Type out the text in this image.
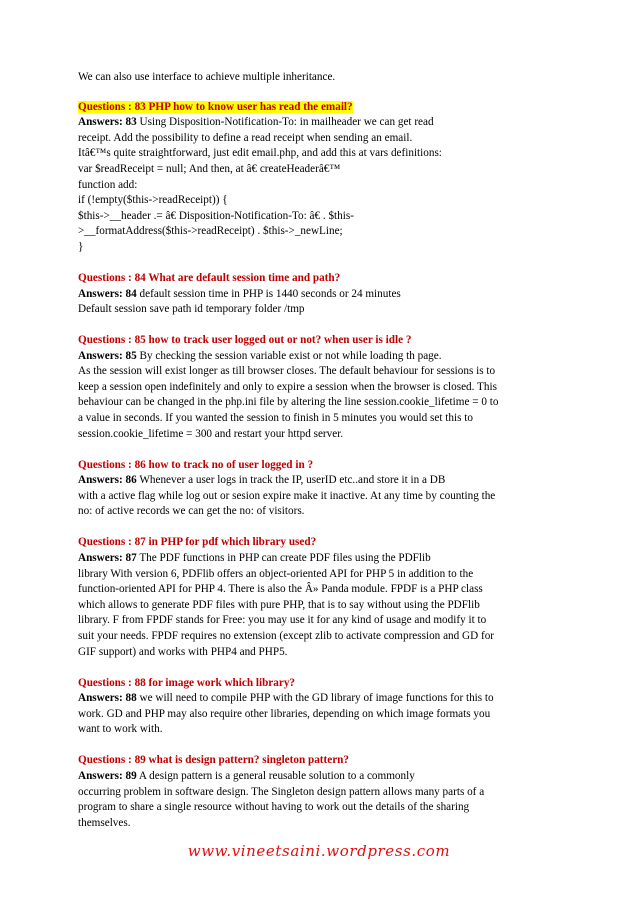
We can also use interface to achieve multiple inheritance.
Questions : 83 PHP how to know user has read the email?
Answers: 83 Using Disposition-Notification-To: in mailheader we can get read
receipt. Add the possibility to define a read receipt when sending an email.
Itâ€™s quite straightforward, just edit email.php, and add this at vars definitions:
var $readReceipt = null; And then, at â€ createHeaderâ€™
function add:
if (!empty($this->readReceipt)) {
$this->__header .= â€ Disposition-Notification-To: â€ . $this-
>__formatAddress($this->readReceipt) . $this->_newLine;
}
Questions : 84 What are default session time and path?
Answers: 84 default session time in PHP is 1440 seconds or 24 minutes
Default session save path id temporary folder /tmp
Questions : 85 how to track user logged out or not? when user is idle ?
Answers: 85 By checking the session variable exist or not while loading th page.
As the session will exist longer as till browser closes. The default behaviour for sessions is to
keep a session open indefinitely and only to expire a session when the browser is closed. This
behaviour can be changed in the php.ini file by altering the line session.cookie_lifetime = 0 to
a value in seconds. If you wanted the session to finish in 5 minutes you would set this to
session.cookie_lifetime = 300 and restart your httpd server.
Questions : 86 how to track no of user logged in ?
Answers: 86 Whenever a user logs in track the IP, userID etc..and store it in a DB
with a active flag while log out or sesion expire make it inactive. At any time by counting the
no: of active records we can get the no: of visitors.
Questions : 87 in PHP for pdf which library used?
Answers: 87 The PDF functions in PHP can create PDF files using the PDFlib
library With version 6, PDFlib offers an object-oriented API for PHP 5 in addition to the
function-oriented API for PHP 4. There is also the Â» Panda module. FPDF is a PHP class
which allows to generate PDF files with pure PHP, that is to say without using the PDFlib
library. F from FPDF stands for Free: you may use it for any kind of usage and modify it to
suit your needs. FPDF requires no extension (except zlib to activate compression and GD for
GIF support) and works with PHP4 and PHP5.
Questions : 88 for image work which library?
Answers: 88 we will need to compile PHP with the GD library of image functions for this to
work. GD and PHP may also require other libraries, depending on which image formats you
want to work with.
Questions : 89 what is design pattern? singleton pattern?
Answers: 89 A design pattern is a general reusable solution to a commonly
occurring problem in software design. The Singleton design pattern allows many parts of a
program to share a single resource without having to work out the details of the sharing
themselves.
www.vineetsaini.wordpress.com
